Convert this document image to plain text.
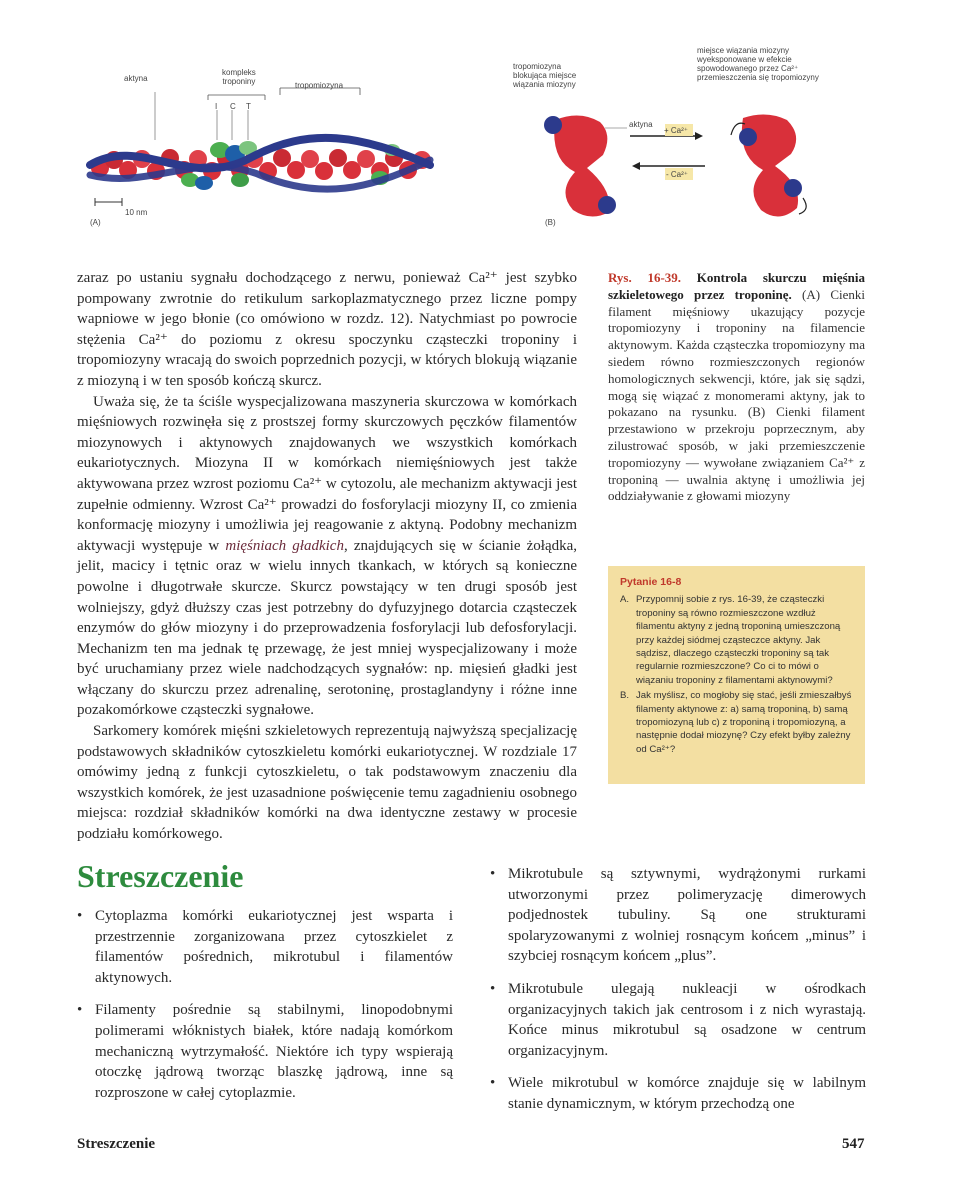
aktyna
kompleks
troponiny	tropomiozyna
I C T
10 nm
(A)
tropomiozyna
blokująca miejsce
wiązania miozyny
miejsce wiązania miozyny
wyeksponowane w efekcie
spowodowanego przez Ca²⁺
przemieszczenia się tropomiozyny
aktyna
+ Ca²⁺
- Ca²⁺
(B)

zaraz po ustaniu sygnału dochodzącego z nerwu, ponieważ Ca²⁺ jest szybko pompowany zwrotnie do retikulum sarkoplazmatycznego przez liczne pompy wapniowe w jego błonie (co omówiono w rozdz. 12). Natychmiast po powrocie stężenia Ca²⁺ do poziomu z okresu spoczynku cząsteczki troponiny i tropomiozyny wracają do swoich poprzednich pozycji, w których blokują wiązanie z miozyną i w ten sposób kończą skurcz.

Uważa się, że ta ściśle wyspecjalizowana maszyneria skurczowa w komórkach mięśniowych rozwinęła się z prostszej formy skurczowych pęczków filamentów miozynowych i aktynowych znajdowanych we wszystkich komórkach eukariotycznych. Miozyna II w komórkach niemięśniowych jest także aktywowana przez wzrost poziomu Ca²⁺ w cytozolu, ale mechanizm aktywacji jest zupełnie odmienny. Wzrost Ca²⁺ prowadzi do fosforylacji miozyny II, co zmienia konformację miozyny i umożliwia jej reagowanie z aktyną. Podobny mechanizm aktywacji występuje w mięśniach gładkich, znajdujących się w ścianie żołądka, jelit, macicy i tętnic oraz w wielu innych tkankach, w których są konieczne powolne i długotrwałe skurcze. Skurcz powstający w ten drugi sposób jest wolniejszy, gdyż dłuższy czas jest potrzebny do dyfuzyjnego dotarcia cząsteczek enzymów do głów miozyny i do przeprowadzenia fosforylacji lub defosforylacji. Mechanizm ten ma jednak tę przewagę, że jest mniej wyspecjalizowany i może być uruchamiany przez wiele nadchodzących sygnałów: np. mięsień gładki jest włączany do skurczu przez adrenalinę, serotoninę, prostaglandyny i różne inne pozakomórkowe cząsteczki sygnałowe.

Sarkomery komórek mięśni szkieletowych reprezentują najwyższą specjalizację podstawowych składników cytoszkieletu komórki eukariotycznej. W rozdziale 17 omówimy jedną z funkcji cytoszkieletu, o tak podstawowym znaczeniu dla wszystkich komórek, że jest uzasadnione poświęcenie temu zagadnieniu osobnego miejsca: rozdział składników komórki na dwa identyczne zestawy w procesie podziału komórkowego.

Rys. 16-39. Kontrola skurczu mięśnia szkieletowego przez troponinę. (A) Cienki filament mięśniowy ukazujący pozycje tropomiozyny i troponiny na filamencie aktynowym. Każda cząsteczka tropomiozyny ma siedem równo rozmieszczonych regionów homologicznych sekwencji, które, jak się sądzi, mogą się wiązać z monomerami aktyny, jak to pokazano na rysunku. (B) Cienki filament przestawiono w przekroju poprzecznym, aby zilustrować sposób, w jaki przemieszczenie tropomiozyny — wywołane związaniem Ca²⁺ z troponiną — uwalnia aktynę i umożliwia jej oddziaływanie z głowami miozyny
Pytanie 16-8
A. Przypomnij sobie z rys. 16-39, że cząsteczki troponiny są równo rozmieszczone wzdłuż filamentu aktyny z jedną troponiną umieszczoną przy każdej siódmej cząsteczce aktyny. Jak sądzisz, dlaczego cząsteczki troponiny są tak regularnie rozmieszczone? Co ci to mówi o wiązaniu troponiny z filamentami aktynowymi?
B. Jak myślisz, co mogłoby się stać, jeśli zmieszałbyś filamenty aktynowe z: a) samą troponiną, b) samą tropomiozyną lub c) z troponiną i tropomiozyną, a następnie dodał miozynę? Czy efekt byłby zależny od Ca²⁺?
Streszczenie
• Cytoplazma komórki eukariotycznej jest wsparta i przestrzennie zorganizowana przez cytoszkielet z filamentów pośrednich, mikrotubul i filamentów aktynowych.
• Filamenty pośrednie są stabilnymi, linopodobnymi polimerami włóknistych białek, które nadają komórkom mechaniczną wytrzymałość. Niektóre ich typy wspierają otoczkę jądrową tworząc blaszkę jądrową, inne są rozproszone w całej cytoplazmie.
• Mikrotubule są sztywnymi, wydrążonymi rurkami utworzonymi przez polimeryzację dimerowych podjednostek tubuliny. Są one strukturami spolaryzowanymi z wolniej rosnącym końcem „minus” i szybciej rosnącym końcem „plus”.
• Mikrotubule ulegają nukleacji w ośrodkach organizacyjnych takich jak centrosom i z nich wyrastają. Końce minus mikrotubul są osadzone w centrum organizacyjnym.
• Wiele mikrotubul w komórce znajduje się w labilnym stanie dynamicznym, w którym przechodzą one
Streszczenie	547
